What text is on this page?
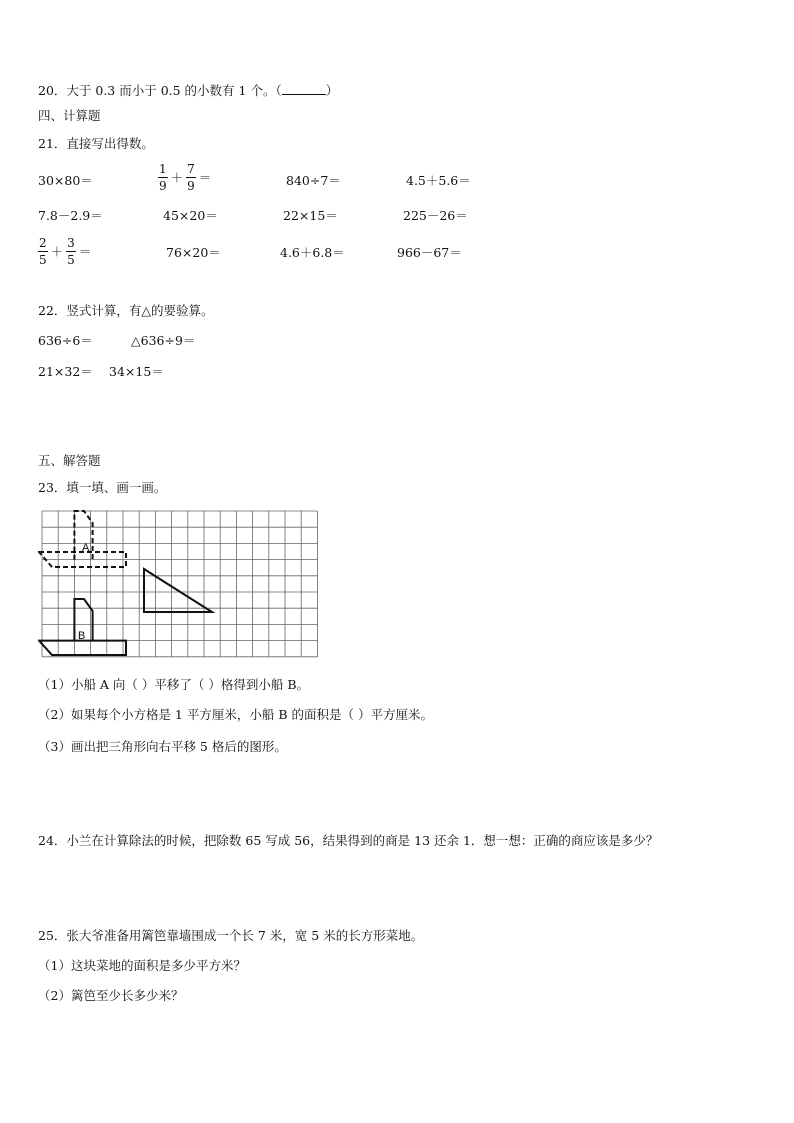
20．大于 0.3 而小于 0.5 的小数有 1 个。（	）
四、计算题
21．直接写出得数。
30×80＝	$\frac{1}{9} + \frac{7}{9}$ ＝	840÷7＝	4.5＋5.6＝
7.8－2.9＝	45×20＝	22×15＝	225－26＝
$\frac{2}{5} + \frac{3}{5}$ ＝	76×20＝	4.6＋6.8＝	966－67＝
22．竖式计算，有△的要验算。
636÷6＝	△636÷9＝
21×32＝ 34×15＝
五、解答题
23．填一填、画一画。
A
B
（1）小船 A 向（ ）平移了（ ）格得到小船 B。
（2）如果每个小方格是 1 平方厘米，小船 B 的面积是（ ）平方厘米。
（3）画出把三角形向右平移 5 格后的图形。
24．小兰在计算除法的时候，把除数 65 写成 56，结果得到的商是 13 还余 1．想一想：正确的商应该是多少？
25．张大爷准备用篱笆靠墙围成一个长 7 米，宽 5 米的长方形菜地。
（1）这块菜地的面积是多少平方米？
（2）篱笆至少长多少米？
